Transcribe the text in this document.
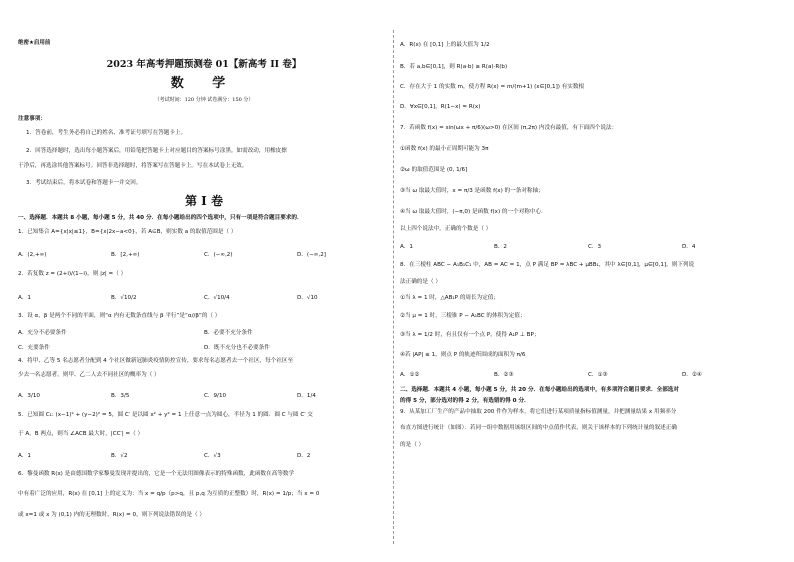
绝密★启用前
2023 年高考押题预测卷 01【新高考 II 卷】
数 学
（考试时间：120 分钟 试卷满分：150 分）
注意事项：
1．答卷前，考生务必将自己的姓名、准考证号填写在答题卡上。
2．回答选择题时，选出每小题答案后，用铅笔把答题卡上对应题目的答案标号涂黑。如需改动，用橡皮擦
干净后，再选涂其他答案标号。回答非选择题时，将答案写在答题卡上。写在本试卷上无效。
3．考试结束后，将本试卷和答题卡一并交回。
第 I 卷
一、选择题．本题共 8 小题，每小题 5 分，共 40 分．在每小题给出的四个选项中，只有一项是符合题目要求的．
1．已知集合 A={x|x|≤1}，B={x|2x−a<0}，若 A⊆B，则实数 a 的取值范围是（ ）
A．(2,+∞)	B．[2,+∞)	C．(−∞,2)	D．(−∞,2]
2．若复数 z = (2+i)/(1−i)，则 |z| =（ ）
A．1	B．√10/2	C．√10/4	D．√10
3．设 α，β 是两个不同的平面，则“α 内有无数条直线与 β 平行”是“α//β”的（ ）
A．充分不必要条件	B．必要不充分条件
C．充要条件	D．既不充分也不必要条件
4．将甲、乙等 5 名志愿者分配到 4 个社区做新冠肺炎疫情防控宣传，要求每名志愿者去一个社区，每个社区至
少去一名志愿者，则甲、乙二人去不同社区的概率为（ ）
A．3/10	B．3/5	C．9/10	D．1/4
5．已知圆 C₁: (x−1)² + (y−2)² = 5，圆 C′ 是以圆 x² + y² = 1 上任意一点为圆心，半径为 1 的圆．圆 C 与圆 C′ 交
于 A，B 两点，则当 ∠ACB 最大时，|CC′| =（ ）
A．1	B．√2	C．√3	D．2
6．黎曼函数 R(x) 是由德国数学家黎曼发现并提出的，它是一个无法用图像表示的特殊函数，此函数在高等数学
中有着广泛的应用，R(x) 在 [0,1] 上的定义为：当 x = q/p（p>q，且 p,q 为互质的正整数）时，R(x) = 1/p；当 x = 0
或 x=1 或 x 为 (0,1) 内的无理数时，R(x) = 0，则下列说法错误的是（ ）
A．R(x) 在 [0,1] 上的最大值为 1/2
B．若 a,b∈[0,1]，则 R(a·b) ≥ R(a)·R(b)
C．存在大于 1 的实数 m，使方程 R(x) = m/(m+1) (x∈[0,1]) 有实数根
D．∀x∈[0,1]，R(1−x) = R(x)
7．若函数 f(x) = sin(ωx + π/6)(ω>0) 在区间 (π,2π) 内没有最值，有下面四个说法：
①函数 f(x) 的最小正周期可能为 3π
②ω 的取值范围是 (0, 1/6]
③当 ω 取最大值时，x = π/3 是函数 f(x) 的一条对称轴；
④当 ω 取最大值时，(−π,0) 是函数 f(x) 的一个对称中心．
以上四个说法中，正确的个数是（ ）
A．1	B．2	C．3	D．4
8．在三棱柱 ABC − A₁B₁C₁ 中，AB = AC = 1，点 P 满足 BP = λBC + μBB₁，其中 λ∈[0,1]，μ∈[0,1]，则下列说
法正确的是（ ）
①当 λ = 1 时，△AB₁P 的周长为定值；
②当 μ = 1 时，三棱锥 P − A₁BC 的体积为定值；
③当 λ = 1/2 时，有且仅有一个点 P，使得 A₁P ⊥ BP；
④若 |AP| ≤ 1，则点 P 的轨迹所围成的面积为 π/6
A．①②	B．②③	C．①③	D．②④
二、选择题．本题共 4 小题，每小题 5 分，共 20 分．在每小题给出的选项中，有多项符合题目要求．全部选对
的得 5 分，部分选对的得 2 分，有选错的得 0 分．
9．从某加工厂生产的产品中抽取 200 件作为样本，将它们进行某项质量指标值测量，并把测量结果 x 用频率分
布直方图进行统计（如图）．若同一组中数据用该组区间的中点值作代表，则关于该样本的下列统计量的叙述正确
的是（ ）
